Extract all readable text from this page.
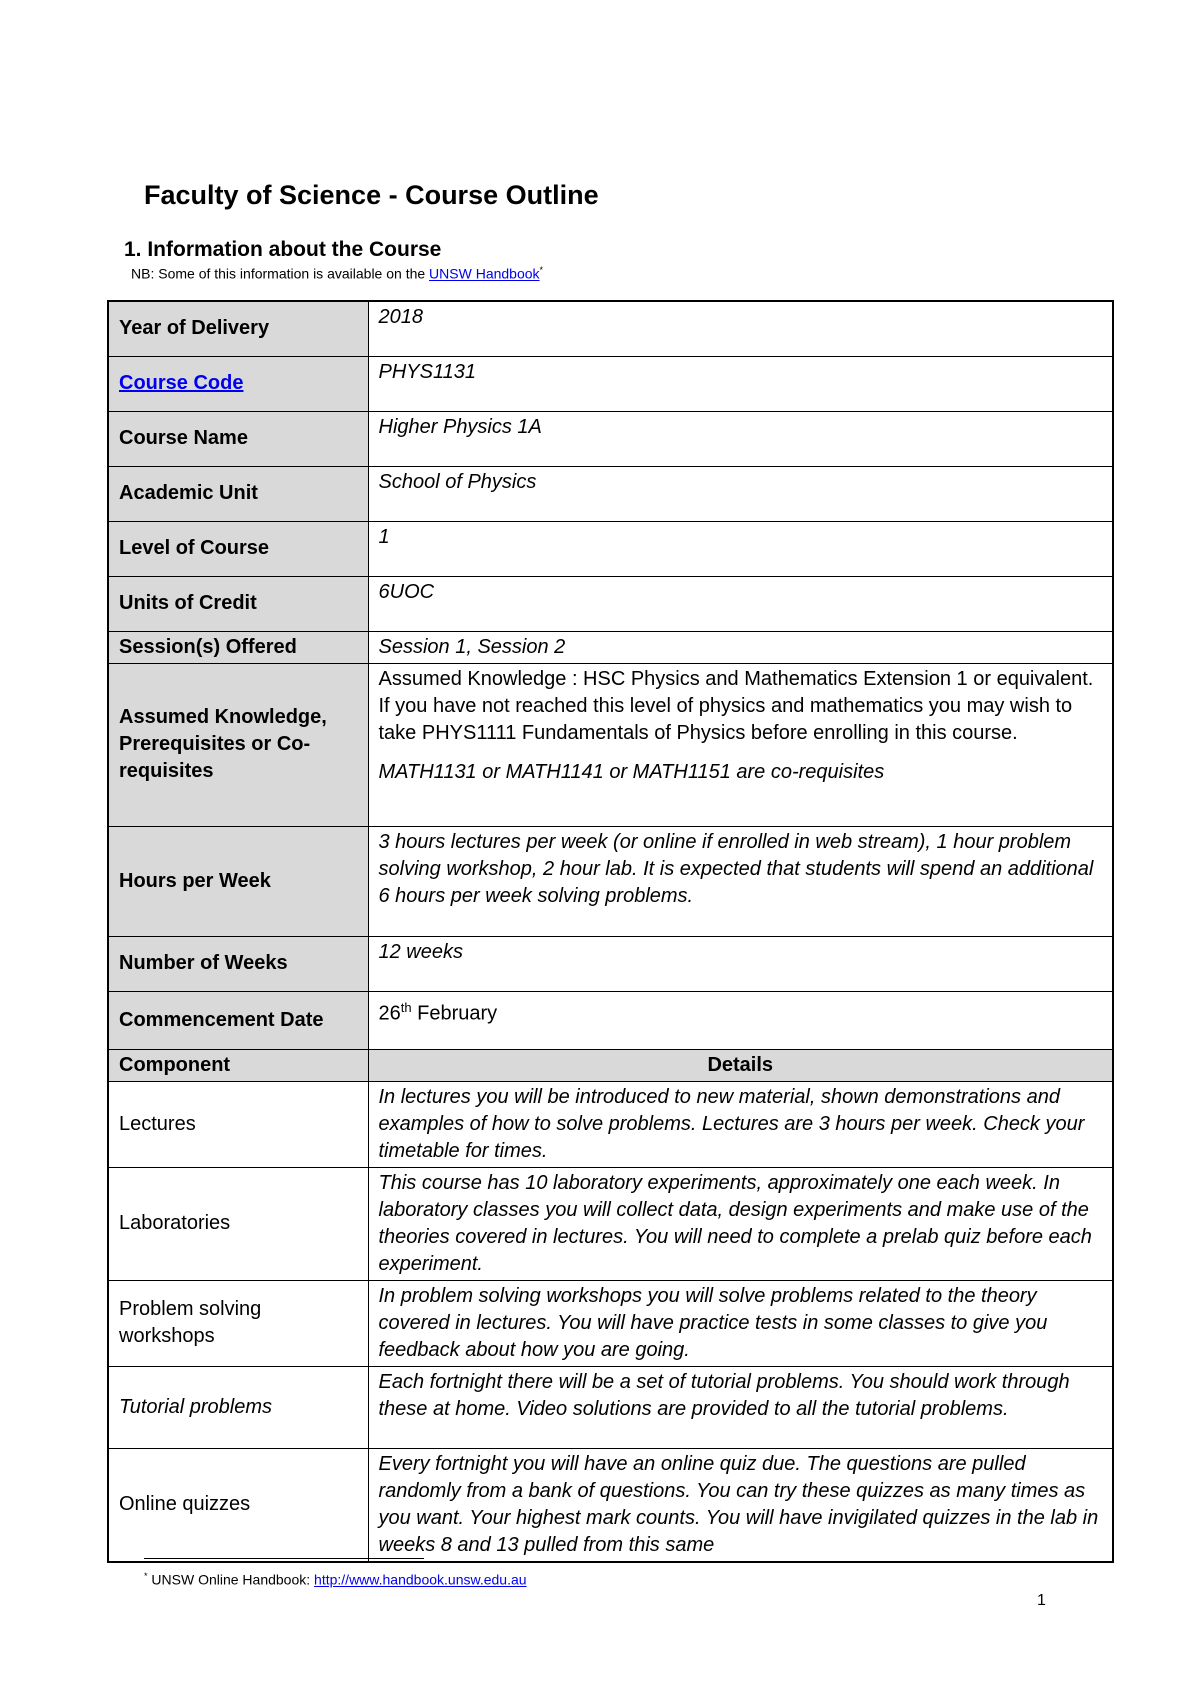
Faculty of Science - Course Outline
1. Information about the Course
NB: Some of this information is available on the UNSW Handbook*
Year of Delivery	2018
Course Code	PHYS1131
Course Name	Higher Physics 1A
Academic Unit	School of Physics
Level of Course	1
Units of Credit	6UOC
Session(s) Offered	Session 1, Session 2
Assumed Knowledge, Prerequisites or Co-requisites	Assumed Knowledge : HSC Physics and Mathematics Extension 1 or equivalent. If you have not reached this level of physics and mathematics you may wish to take PHYS1111 Fundamentals of Physics before enrolling in this course.
MATH1131 or MATH1141 or MATH1151 are co-requisites
Hours per Week	3 hours lectures per week (or online if enrolled in web stream), 1 hour problem solving workshop, 2 hour lab. It is expected that students will spend an additional 6 hours per week solving problems.
Number of Weeks	12 weeks
Commencement Date	26th February
Component	Details
Lectures	In lectures you will be introduced to new material, shown demonstrations and examples of how to solve problems. Lectures are 3 hours per week. Check your timetable for times.
Laboratories	This course has 10 laboratory experiments, approximately one each week. In laboratory classes you will collect data, design experiments and make use of the theories covered in lectures. You will need to complete a prelab quiz before each experiment.
Problem solving workshops	In problem solving workshops you will solve problems related to the theory covered in lectures. You will have practice tests in some classes to give you feedback about how you are going.
Tutorial problems	Each fortnight there will be a set of tutorial problems. You should work through these at home. Video solutions are provided to all the tutorial problems.
Online quizzes	Every fortnight you will have an online quiz due. The questions are pulled randomly from a bank of questions. You can try these quizzes as many times as you want. Your highest mark counts. You will have invigilated quizzes in the lab in weeks 8 and 13 pulled from this same
* UNSW Online Handbook: http://www.handbook.unsw.edu.au
1
